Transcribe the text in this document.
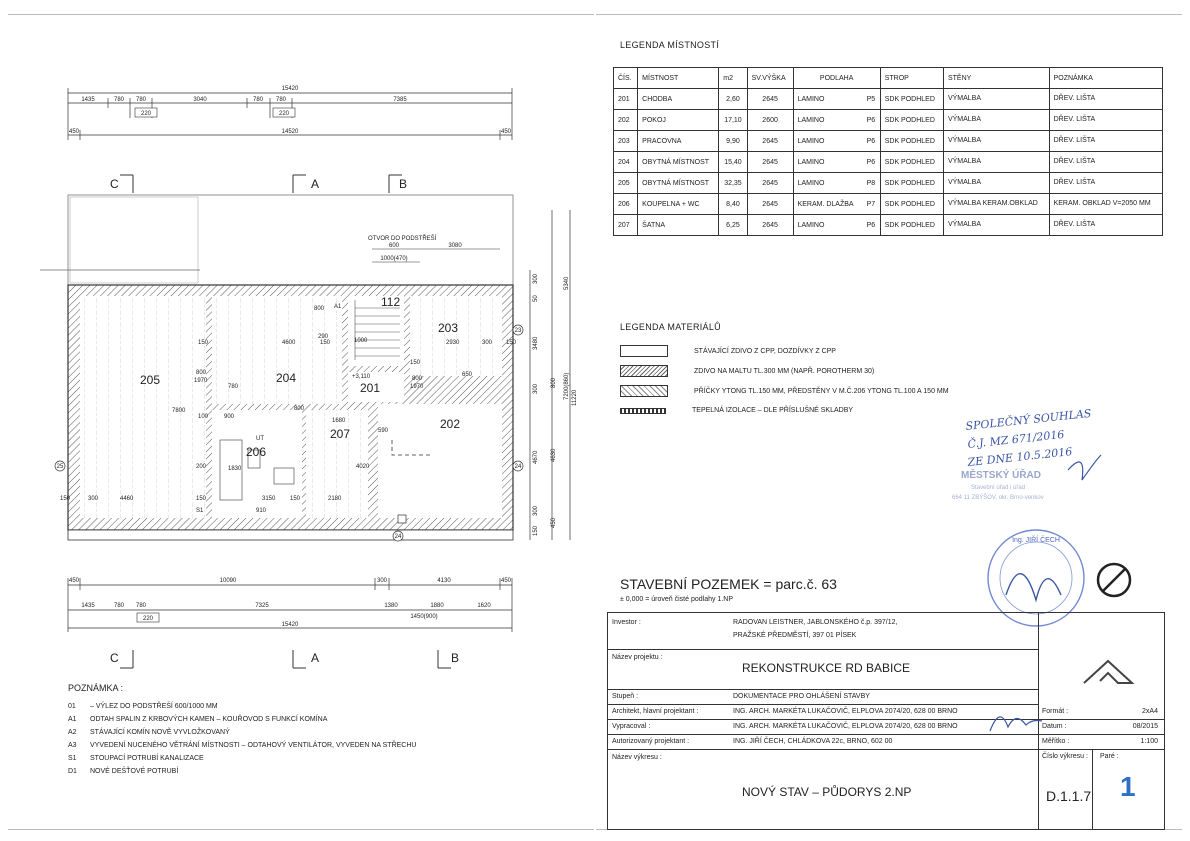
15420
1435	780 780	3040	780 780	7385
220	220
450	14520	450
C	A	B
OTVOR DO PODSTŘEŠÍ
600	3080
1000(470)
205	204
203
112
201
202
206
207
150	4600	150	2930	300 150
800
1970
780	1970
800
100
4460	150
300
150
1830
900
3150 150	2180
910
590
1680
4020
800
7800
290
1000
+3,110
150
650
800
200
A1
S1
UT
25
23
24
24
5340
300
50
3480
300
800
4670 4630
300
150
11220
450
7200(860)
450	10090	300	4130	450
1435	780 780	7325	1380	1880	1620
220	1450(900)
15420
C	A	B
POZNÁMKA :
01	– VÝLEZ DO PODSTŘEŠÍ 600/1000 MM
A1	ODTAH SPALIN Z KRBOVÝCH KAMEN – KOUŘOVOD S FUNKCÍ KOMÍNA
A2	STÁVAJÍCÍ KOMÍN NOVĚ VYVLOŽKOVANÝ
A3	VYVEDENÍ NUCENÉHO VĚTRÁNÍ MÍSTNOSTI – ODTAHOVÝ VENTILÁTOR, VYVEDEN NA STŘECHU
S1	STOUPACÍ POTRUBÍ KANALIZACE
D1	NOVÉ DEŠŤOVÉ POTRUBÍ
LEGENDA MÍSTNOSTÍ
ČÍS.	MÍSTNOST	m2	SV.VÝŠKA	PODLAHA		STROP	STĚNY	POZNÁMKA
201	CHODBA	2,60	2645	LAMINO	P5	SDK PODHLED	VÝMALBA	DŘEV. LIŠTA
202	POKOJ	17,10	2600	LAMINO	P6	SDK PODHLED	VÝMALBA	DŘEV. LIŠTA
203	PRACOVNA	9,90	2645	LAMINO	P6	SDK PODHLED	VÝMALBA	DŘEV. LIŠTA
204	OBYTNÁ MÍSTNOST	15,40	2645	LAMINO	P6	SDK PODHLED	VÝMALBA	DŘEV. LIŠTA
205	OBYTNÁ MÍSTNOST	32,35	2645	LAMINO	P8	SDK PODHLED	VÝMALBA	DŘEV. LIŠTA
206	KOUPELNA + WC	8,40	2645	KERAM. DLAŽBA	P7	SDK PODHLED	VÝMALBA KERAM.OBKLAD	KERAM. OBKLAD V=2050 MM
207	ŠATNA	6,25	2645	LAMINO	P6	SDK PODHLED	VÝMALBA	DŘEV. LIŠTA
LEGENDA MATERIÁLŮ
STÁVAJÍCÍ ZDIVO Z CPP, DOZDÍVKY Z CPP
ZDIVO NA MALTU TL.300 MM (NAPŘ. POROTHERM 30)
PŘÍČKY YTONG TL.150 MM, PŘEDSTĚNY V M.Č.206 YTONG TL.100 A 150 MM
TEPELNÁ IZOLACE – DLE PŘÍSLUŠNÉ SKLADBY	SPOLEČNÝ SOUHLAS
Č.J. MZ 671/2016
ZE DNE 10.5.2016
MĚSTSKÝ ÚŘAD
Stavební úřad i úřad
664 11 ZBÝŠOV, okr. Brno-venkov
Ing. JIŘÍ ČECH
STAVEBNÍ POZEMEK = parc.č. 63
± 0,000 = úroveň čisté podlahy 1.NP
Investor :	RADOVAN LEISTNER, JABLONSKÉHO č.p. 397/12,
PRAŽSKÉ PŘEDMĚSTÍ, 397 01 PÍSEK
Název projektu :
REKONSTRUKCE RD BABICE
Stupeň :	DOKUMENTACE PRO OHLÁŠENÍ STAVBY
Architekt, hlavní projektant :	ING. ARCH. MARKÉTA LUKAČOVIČ, ELPLOVA 2074/20, 628 00 BRNO	Formát :	2xA4
Vypracoval :	ING. ARCH. MARKÉTA LUKAČOVIČ, ELPLOVA 2074/20, 628 00 BRNO	Datum :	08/2015
Autorizovaný projektant :	ING. JIŘÍ ČECH, CHLÁDKOVA 22c, BRNO, 602 00	Měřítko :	1:100
Název výkresu :
NOVÝ STAV – PŮDORYS 2.NP
Číslo výkresu :
D.1.1.7
Paré :
1
